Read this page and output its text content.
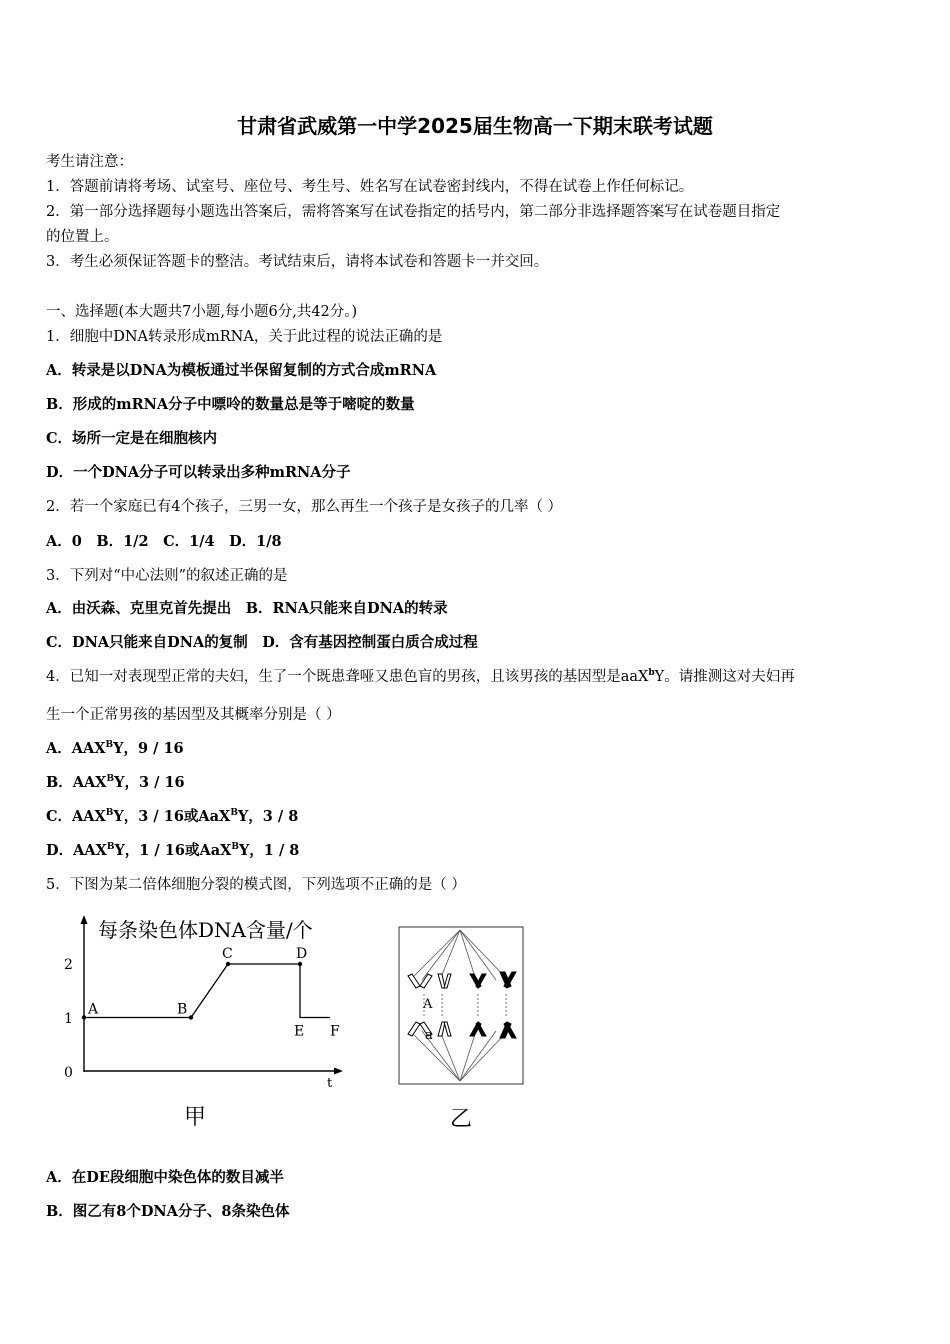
甘肃省武威第一中学2025届生物高一下期末联考试题
考生请注意：
1．答题前请将考场、试室号、座位号、考生号、姓名写在试卷密封线内，不得在试卷上作任何标记。
2．第一部分选择题每小题选出答案后，需将答案写在试卷指定的括号内，第二部分非选择题答案写在试卷题目指定
的位置上。
3．考生必须保证答题卡的整洁。考试结束后，请将本试卷和答题卡一并交回。
一、选择题(本大题共7小题,每小题6分,共42分。)
1．细胞中DNA转录形成mRNA，关于此过程的说法正确的是
A．转录是以DNA为模板通过半保留复制的方式合成mRNA
B．形成的mRNA分子中嘌呤的数量总是等于嘧啶的数量
C．场所一定是在细胞核内
D．一个DNA分子可以转录出多种mRNA分子
2．若一个家庭已有4个孩子，三男一女，那么再生一个孩子是女孩子的几率（ ）
A．0　B．1/2　C．1/4　D．1/8
3．下列对“中心法则”的叙述正确的是
A．由沃森、克里克首先提出　B．RNA只能来自DNA的转录
C．DNA只能来自DNA的复制　D．含有基因控制蛋白质合成过程
4．已知一对表现型正常的夫妇，生了一个既患聋哑又患色盲的男孩，且该男孩的基因型是aaX$^b$Y。请推测这对夫妇再
生一个正常男孩的基因型及其概率分别是（ ）
A．$AAX^BY$，9 / 16
B．$AAX^BY$，3 / 16
C．$AAX^BY$，3 / 16或AaX$^B$Y，3 / 8
D．$AAX^BY$，1 / 16或AaX$^B$Y，1 / 8
5．下图为某二倍体细胞分裂的模式图，下列选项不正确的是（ ）
每条染色体DNA含量/个
t
0
1
2
A	B
C	D
E F
甲
A
a
乙
A．在DE段细胞中染色体的数目减半
B．图乙有8个DNA分子、8条染色体
